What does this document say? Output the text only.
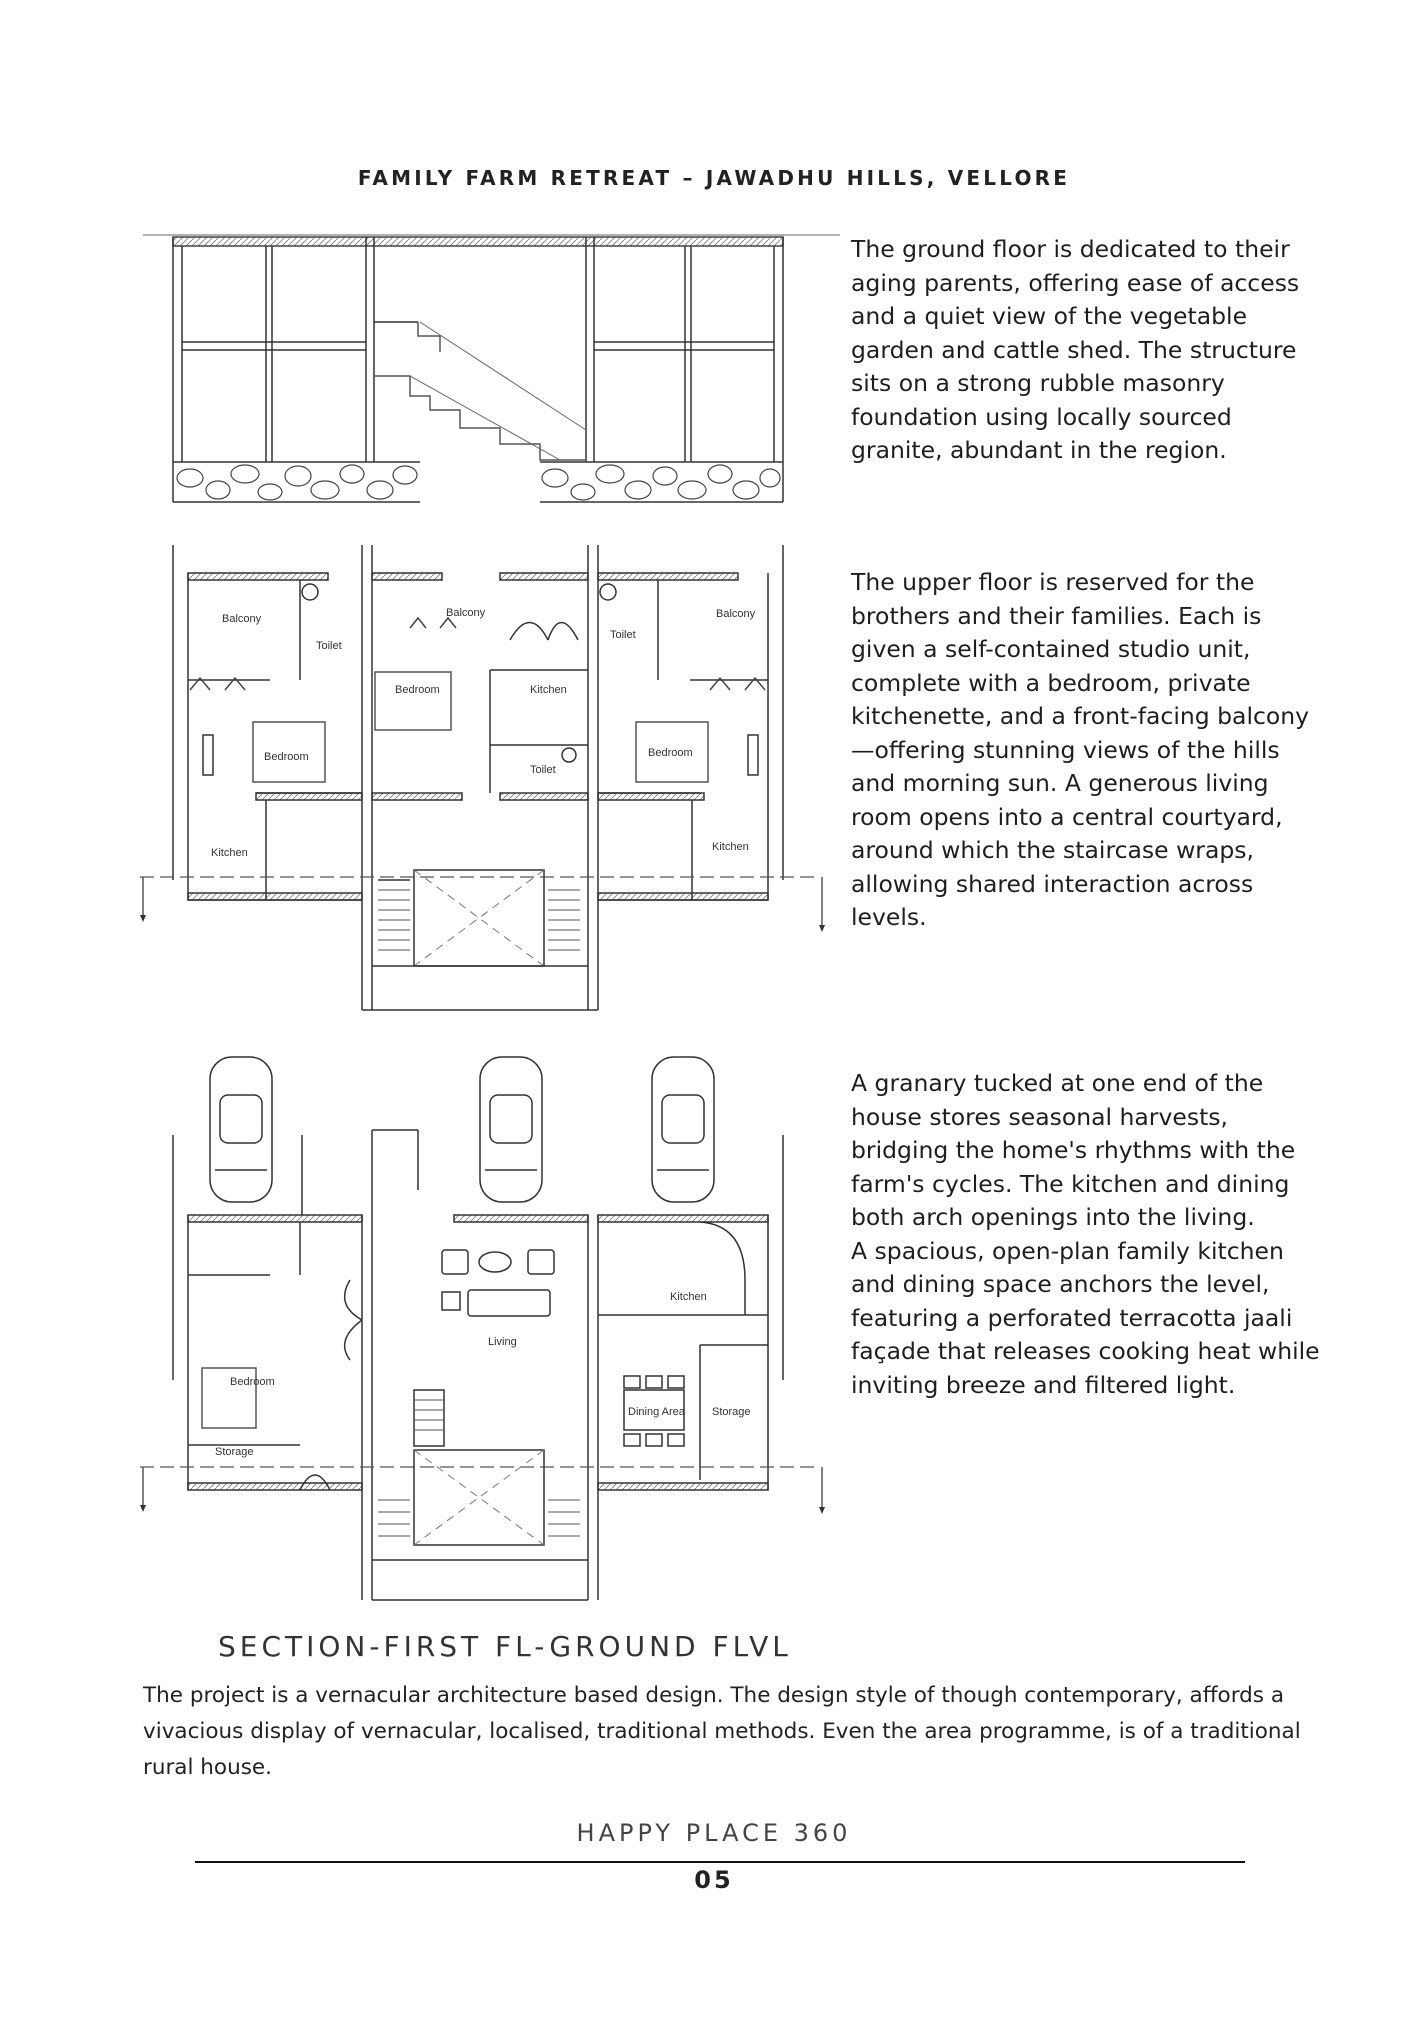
FAMILY FARM RETREAT – JAWADHU HILLS, VELLORE
Balcony
Toilet
Bedroom
Kitchen
Balcony
Bedroom	Kitchen
Toilet
Toilet
Balcony
Bedroom
Kitchen
Bedroom
Storage
Living
Kitchen
Dining Area Storage
The ground floor is dedicated to their aging parents, offering ease of access and a quiet view of the vegetable garden and cattle shed. The structure sits on a strong rubble masonry foundation using locally sourced granite, abundant in the region.
The upper floor is reserved for the brothers and their families. Each is given a self-contained studio unit, complete with a bedroom, private kitchenette, and a front-facing balcony—offering stunning views of the hills and morning sun. A generous living room opens into a central courtyard, around which the staircase wraps, allowing shared interaction across levels.

A granary tucked at one end of the house stores seasonal harvests, bridging the home's rhythms with the farm's cycles. The kitchen and dining both arch openings into the living.

A spacious, open-plan family kitchen and dining space anchors the level, featuring a perforated terracotta jaali façade that releases cooking heat while inviting breeze and filtered light.

SECTION-FIRST FL-GROUND FLVL
The project is a vernacular architecture based design. The design style of though contemporary, affords a vivacious display of vernacular, localised, traditional methods. Even the area programme, is of a traditional rural house.
HAPPY PLACE 360
05
